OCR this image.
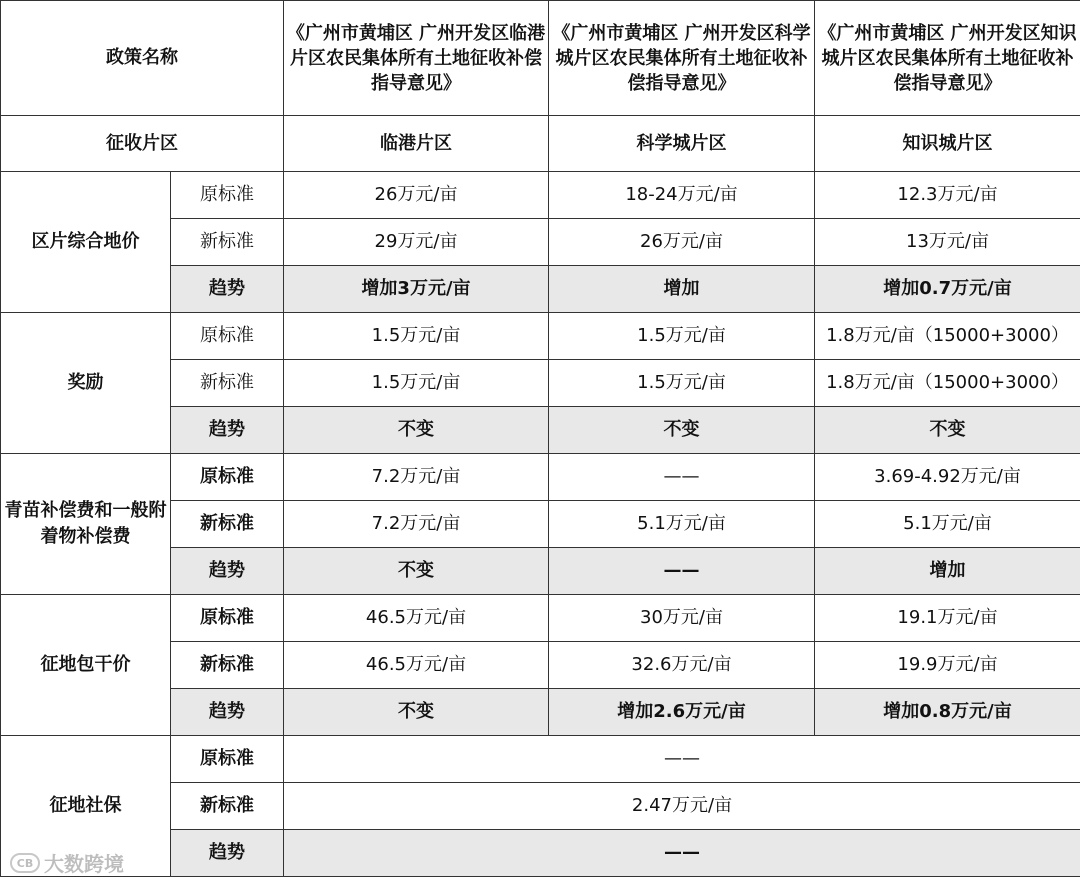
政策名称		《广州市黄埔区 广州开发区临港片区农民集体所有土地征收补偿指导意见》	《广州市黄埔区 广州开发区科学城片区农民集体所有土地征收补偿指导意见》	《广州市黄埔区 广州开发区知识城片区农民集体所有土地征收补偿指导意见》
征收片区		临港片区	科学城片区	知识城片区
区片综合地价	原标准	26万元/亩	18-24万元/亩	12.3万元/亩
	新标准	29万元/亩	26万元/亩	13万元/亩
	趋势	增加3万元/亩	增加	增加0.7万元/亩
奖励	原标准	1.5万元/亩	1.5万元/亩	1.8万元/亩（15000+3000）
	新标准	1.5万元/亩	1.5万元/亩	1.8万元/亩（15000+3000）
	趋势	不变	不变	不变
青苗补偿费和一般附着物补偿费	原标准	7.2万元/亩	——	3.69-4.92万元/亩
	新标准	7.2万元/亩	5.1万元/亩	5.1万元/亩
	趋势	不变	——	增加
征地包干价	原标准	46.5万元/亩	30万元/亩	19.1万元/亩
	新标准	46.5万元/亩	32.6万元/亩	19.9万元/亩
	趋势	不变	增加2.6万元/亩	增加0.8万元/亩
征地社保	原标准	——		
	新标准	2.47万元/亩		
	趋势	——		
CB 大数跨境
